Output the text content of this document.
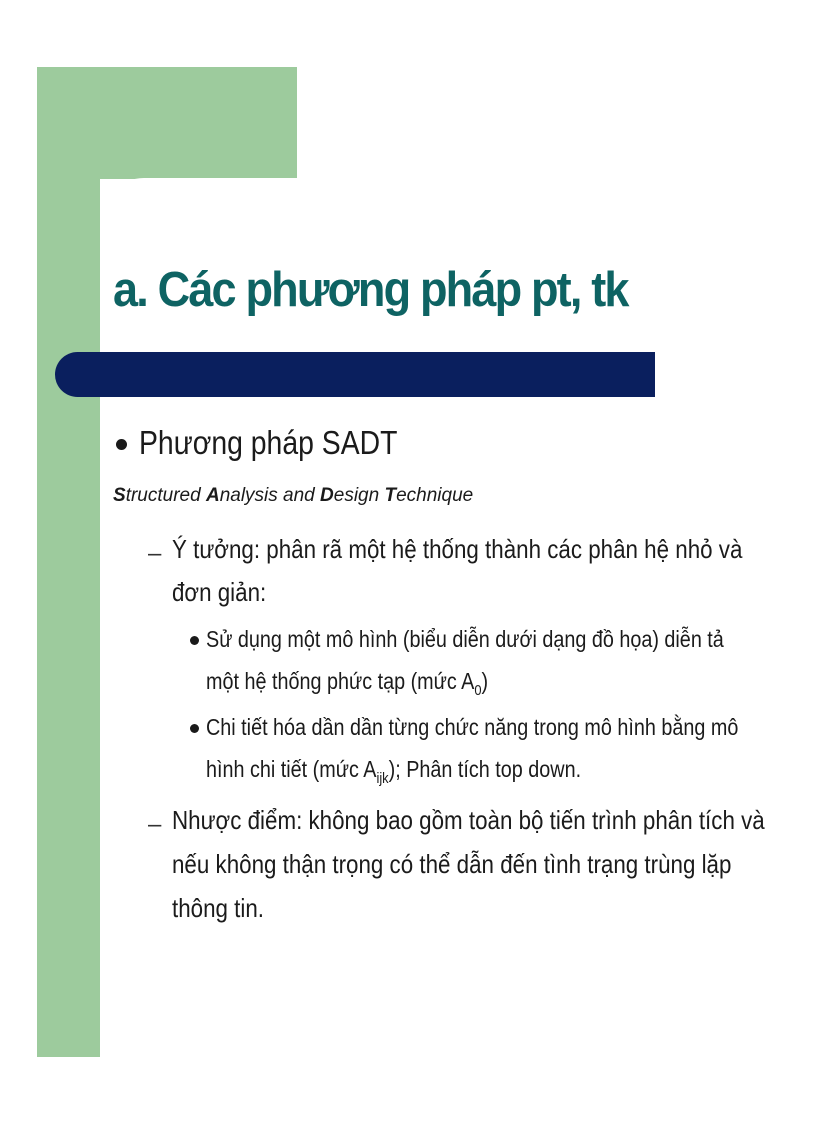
a. Các phương pháp pt, tk
Phương pháp SADT
Structured Analysis and Design Technique
– Ý tưởng: phân rã một hệ thống thành các phân hệ nhỏ và
đơn giản:
Sử dụng một mô hình (biểu diễn dưới dạng đồ họa) diễn tả
một hệ thống phức tạp (mức $A_0$)
Chi tiết hóa dần dần từng chức năng trong mô hình bằng mô
hình chi tiết (mức $A_{ijk}$); Phân tích top down.
– Nhược điểm: không bao gồm toàn bộ tiến trình phân tích và
nếu không thận trọng có thể dẫn đến tình trạng trùng lặp
thông tin.
